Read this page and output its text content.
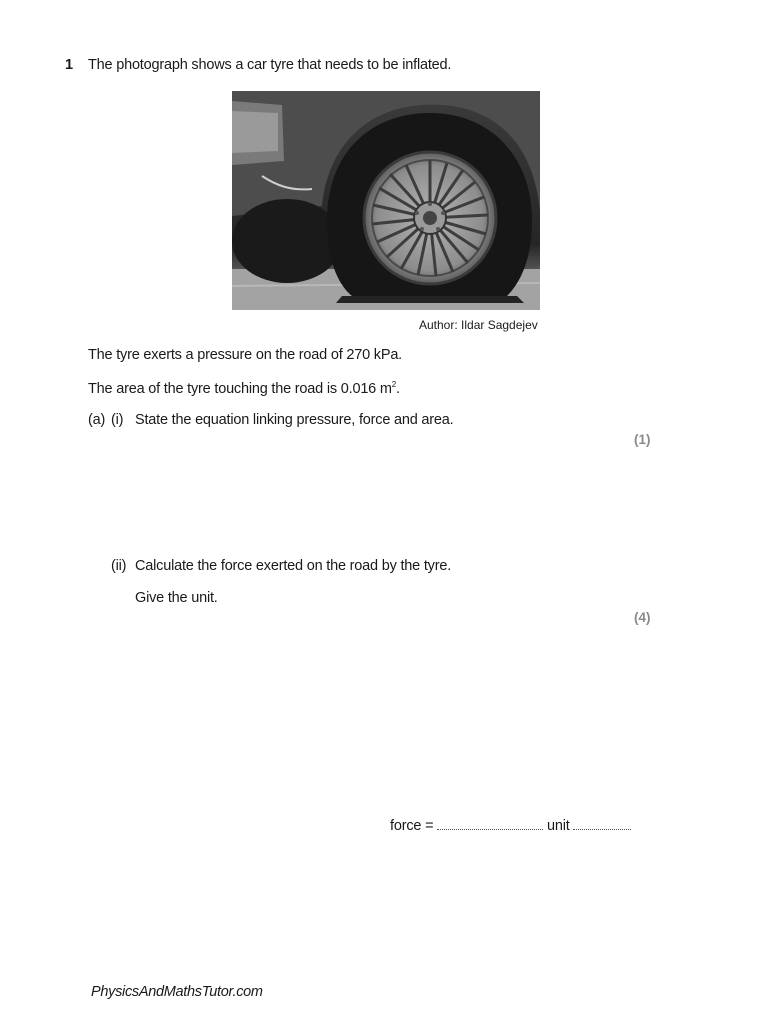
1 The photograph shows a car tyre that needs to be inflated.
Author: Ildar Sagdejev
The tyre exerts a pressure on the road of 270 kPa.
The area of the tyre touching the road is 0.016 $m^2$.
(a) (i) State the equation linking pressure, force and area.
(1)
(ii) Calculate the force exerted on the road by the tyre.
Give the unit.
(4)
force =	unit
PhysicsAndMathsTutor.com
